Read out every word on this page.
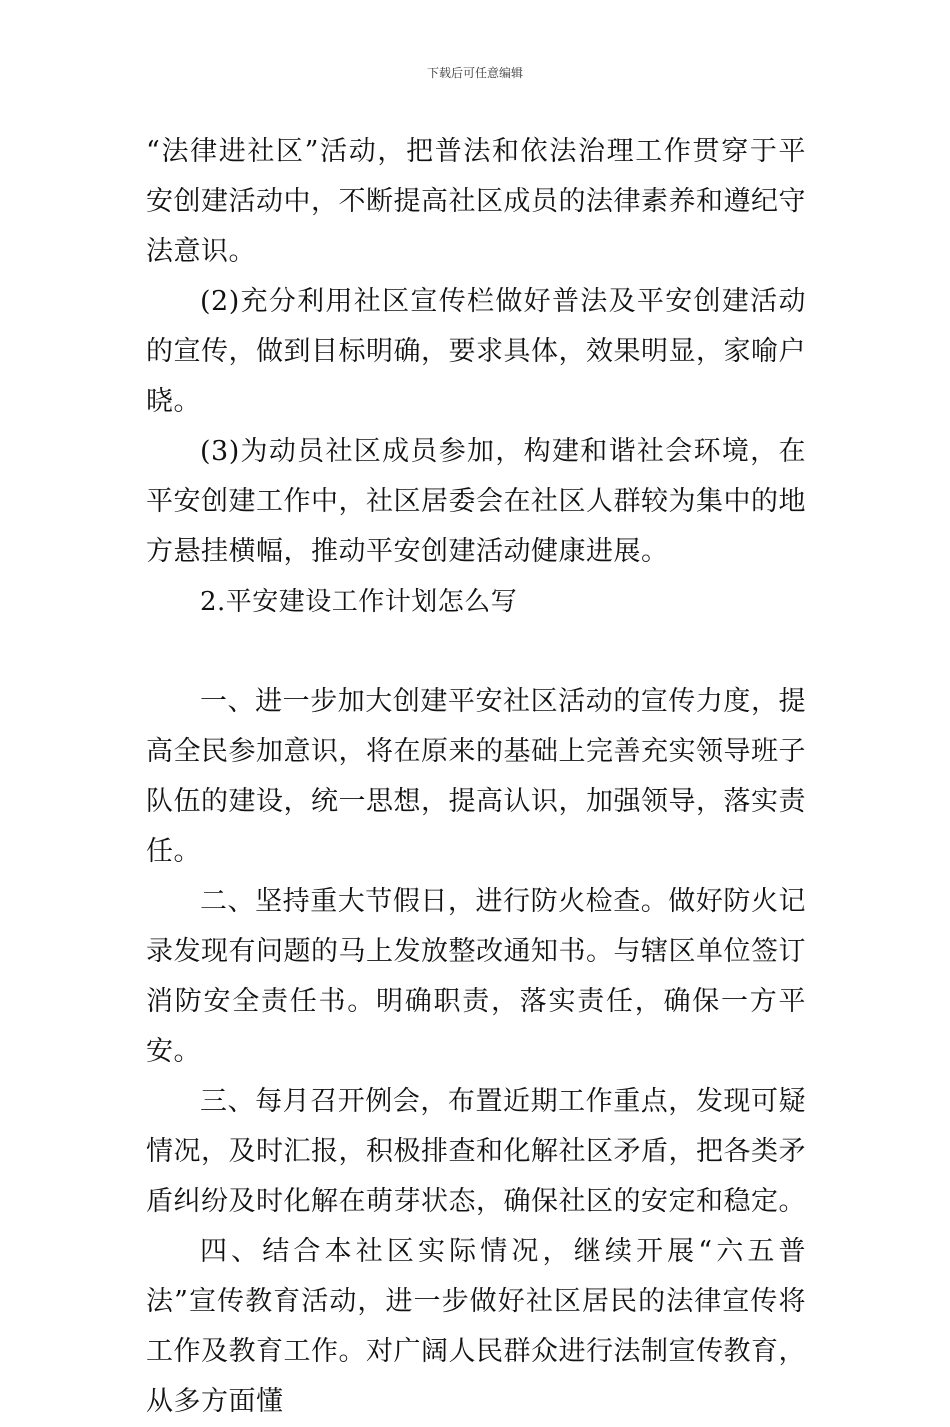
下载后可任意编辑

“法律进社区”活动，把普法和依法治理工作贯穿于平安创建活动中，不断提高社区成员的法律素养和遵纪守法意识。

(2)充分利用社区宣传栏做好普法及平安创建活动的宣传，做到目标明确，要求具体，效果明显，家喻户晓。

(3)为动员社区成员参加，构建和谐社会环境，在平安创建工作中，社区居委会在社区人群较为集中的地方悬挂横幅，推动平安创建活动健康进展。

2.平安建设工作计划怎么写

一、进一步加大创建平安社区活动的宣传力度，提高全民参加意识，将在原来的基础上完善充实领导班子队伍的建设，统一思想，提高认识，加强领导，落实责任。

二、坚持重大节假日，进行防火检查。做好防火记录发现有问题的马上发放整改通知书。与辖区单位签订消防安全责任书。明确职责，落实责任，确保一方平安。

三、每月召开例会，布置近期工作重点，发现可疑情况，及时汇报，积极排查和化解社区矛盾，把各类矛盾纠纷及时化解在萌芽状态，确保社区的安定和稳定。

四、结合本社区实际情况，继续开展“六五普法”宣传教育活动，进一步做好社区居民的法律宣传将工作及教育工作。对广阔人民群众进行法制宣传教育，从多方面懂
